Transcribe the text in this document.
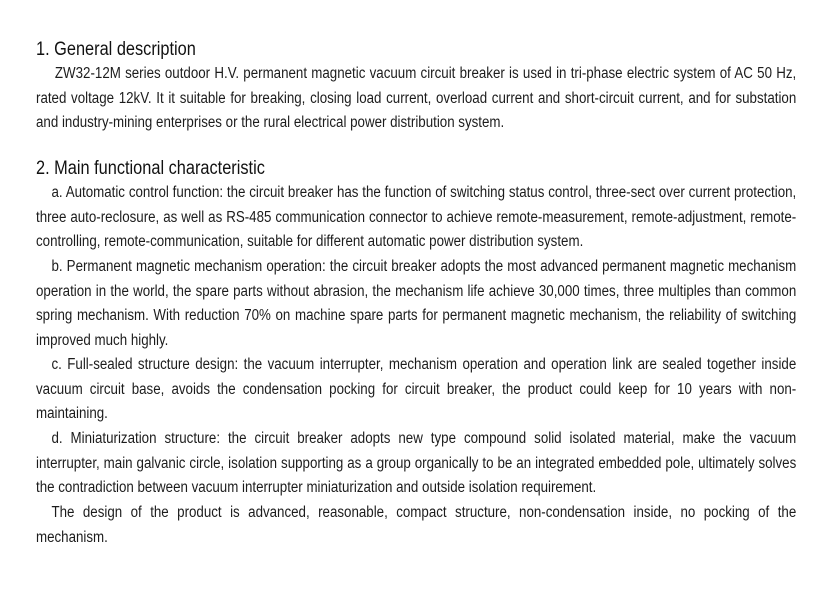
1. General description

ZW32-12M series outdoor H.V. permanent magnetic vacuum circuit breaker is used in tri-phase electric system of AC 50 Hz, rated voltage 12kV. It it suitable for breaking, closing load current, overload current and short-circuit current, and for substation and industry-mining enterprises or the rural electrical power distribution system.

2. Main functional characteristic

a. Automatic control function: the circuit breaker has the function of switching status control, three-sect over current protection, three auto-reclosure, as well as RS-485 communication connector to achieve remote-measurement, remote-adjustment, remote-controlling, remote-communication, suitable for different automatic power distribution system.

b. Permanent magnetic mechanism operation: the circuit breaker adopts the most advanced permanent magnetic mechanism operation in the world, the spare parts without abrasion, the mechanism life achieve 30,000 times, three multiples than common spring mechanism. With reduction 70% on machine spare parts for permanent magnetic mechanism, the reliability of switching improved much highly.

c. Full-sealed structure design: the vacuum interrupter, mechanism operation and operation link are sealed together inside vacuum circuit base, avoids the condensation pocking for circuit breaker, the product could keep for 10 years with non-maintaining.

d. Miniaturization structure: the circuit breaker adopts new type compound solid isolated material, make the vacuum interrupter, main galvanic circle, isolation supporting as a group organically to be an integrated embedded pole, ultimately solves the contradiction between vacuum interrupter miniaturization and outside isolation requirement.

The design of the product is advanced, reasonable, compact structure, non-condensation inside, no pocking of the mechanism.
